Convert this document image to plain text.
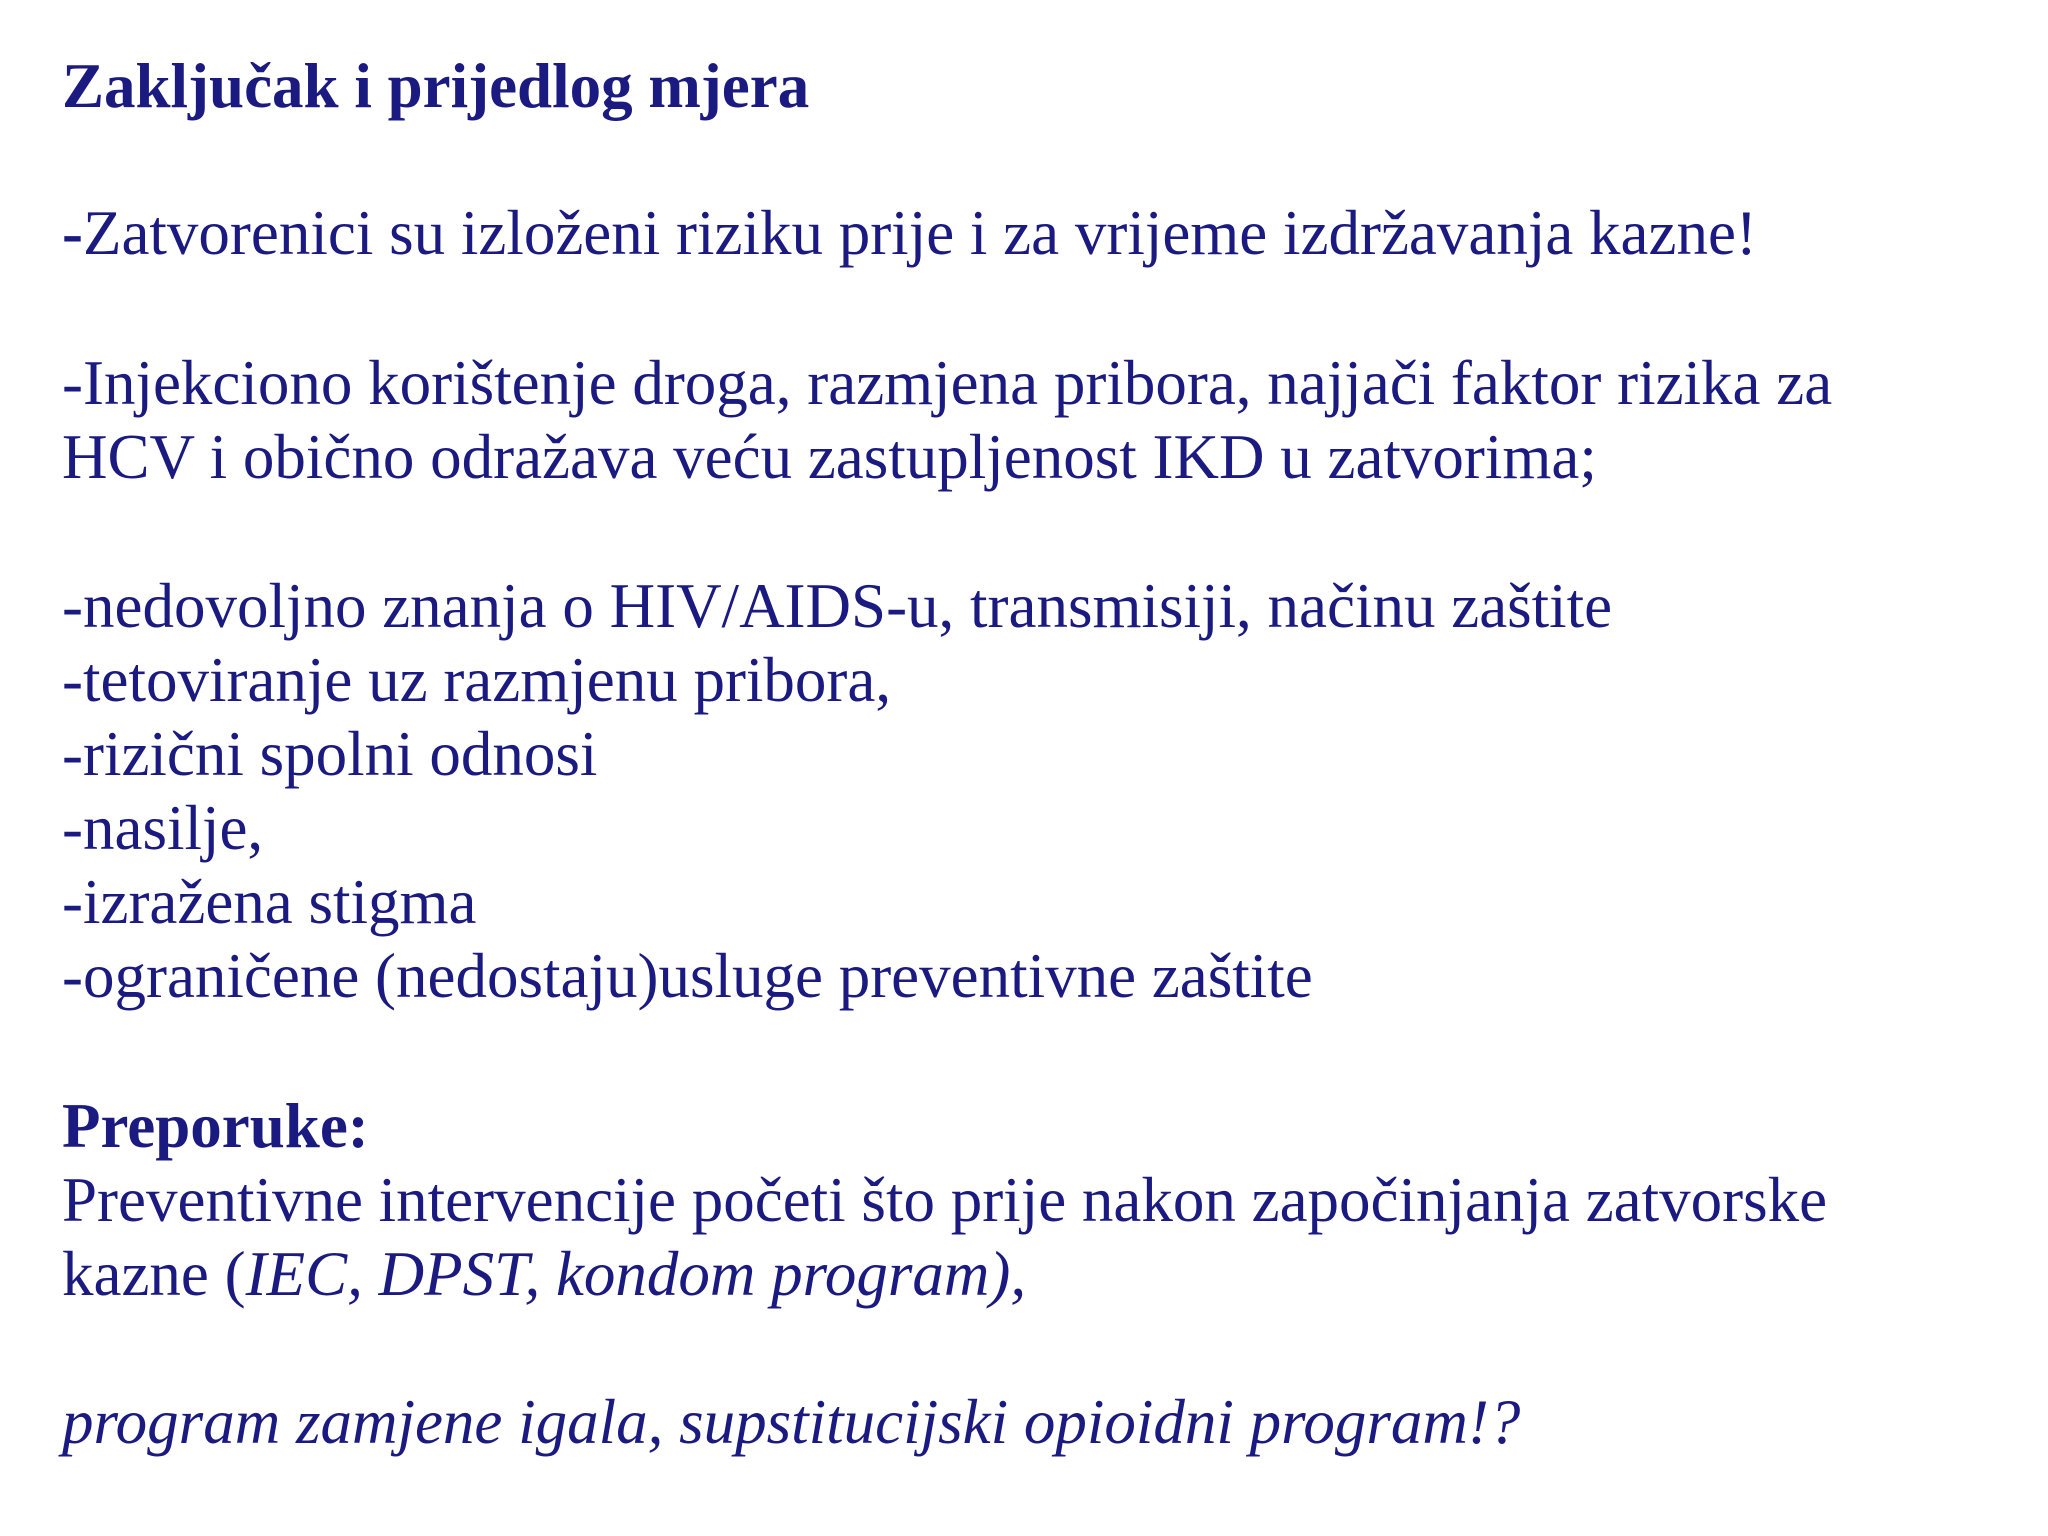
Zaključak i prijedlog mjera

-Zatvorenici su izloženi riziku prije i za vrijeme izdržavanja kazne!

-Injekciono korištenje droga, razmjena pribora, najjači faktor rizika za
HCV i obično odražava veću zastupljenost IKD u zatvorima;

-nedovoljno znanja o HIV/AIDS-u, transmisiji, načinu zaštite
-tetoviranje uz razmjenu pribora,
-rizični spolni odnosi
-nasilje,
-izražena stigma
-ograničene (nedostaju)usluge preventivne zaštite

Preporuke:
Preventivne intervencije početi što prije nakon započinjanja zatvorske
kazne (IEC, DPST, kondom program),

program zamjene igala, supstitucijski opioidni program!?
